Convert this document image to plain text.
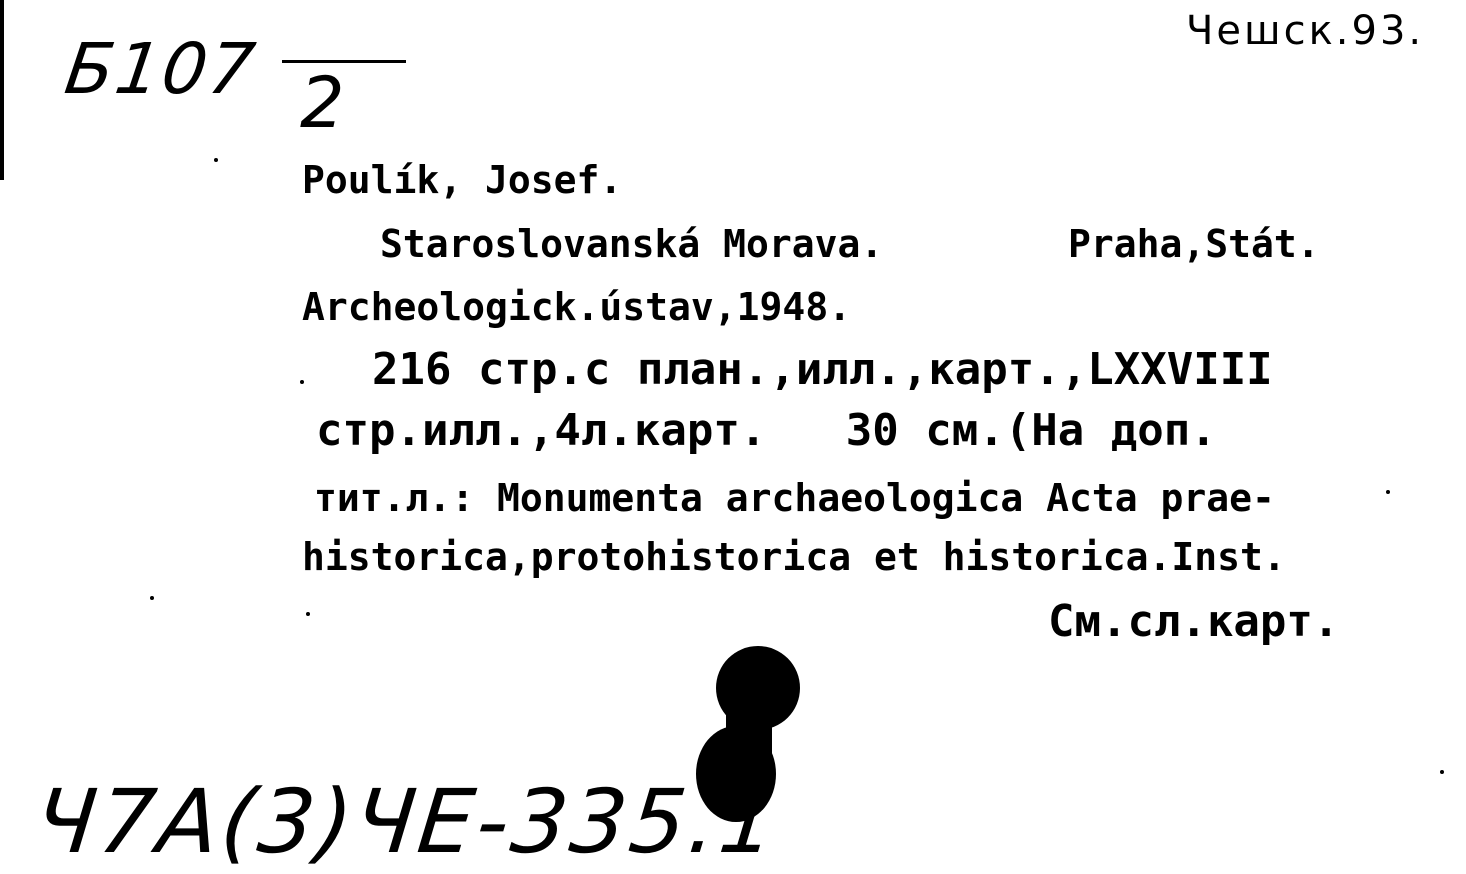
Б107 2
Чешск.93.
Poulík, Josef.
Staroslovanská Morava.	Praha,Stát.
Archeologick.ústav,1948.
216 стр.с план.,илл.,карт.,LXXVIII
стр.илл.,4л.карт.   30 см.(На доп.
тит.л.: Monumenta archaeologica Acta prae-
historica,protohistorica et historica.Inst.
См.сл.карт.
Ч7А(3)ЧЕ-335.1
